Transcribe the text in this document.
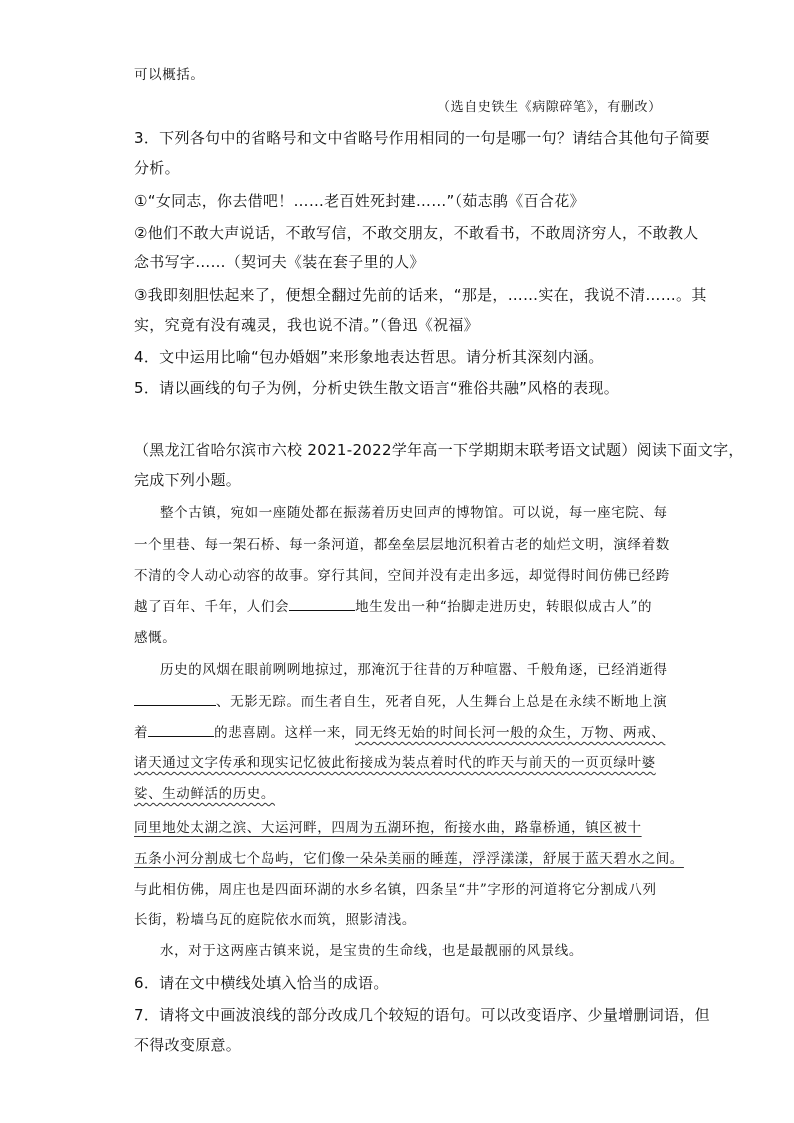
可以概括。
（选自史铁生《病隙碎笔》，有删改）
3．下列各句中的省略号和文中省略号作用相同的一句是哪一句？请结合其他句子简要
分析。
①“女同志，你去借吧！……老百姓死封建……”（茹志鹃《百合花》
②他们不敢大声说话，不敢写信，不敢交朋友，不敢看书，不敢周济穷人，不敢教人
念书写字……（契诃夫《装在套子里的人》
③我即刻胆怯起来了，便想全翻过先前的话来，“那是，……实在，我说不清……。其
实，究竟有没有魂灵，我也说不清。”（鲁迅《祝福》
4．文中运用比喻“包办婚姻”来形象地表达哲思。请分析其深刻内涵。
5．请以画线的句子为例，分析史铁生散文语言“雅俗共融”风格的表现。
（黑龙江省哈尔滨市六校 2021-2022学年高一下学期期末联考语文试题）阅读下面文字，
完成下列小题。
整个古镇，宛如一座随处都在振荡着历史回声的博物馆。可以说，每一座宅院、每
一个里巷、每一架石桥、每一条河道，都垒垒层层地沉积着古老的灿烂文明，演绎着数
不清的令人动心动容的故事。穿行其间，空间并没有走出多远，却觉得时间仿佛已经跨
越了百年、千年，人们会	地生发出一种“抬脚走进历史，转眼似成古人”的
感慨。
历史的风烟在眼前咧咧地掠过，那淹沉于往昔的万种喧嚣、千般角逐，已经消逝得
、无影无踪。而生者自生，死者自死，人生舞台上总是在永续不断地上演
着	的悲喜剧。这样一来，同无终无始的时间长河一般的众生，万物、两戒、
诸天通过文字传承和现实记忆彼此衔接成为装点着时代的昨天与前天的一页页绿叶婆
娑、生动鲜活的历史。
同里地处太湖之滨、大运河畔，四周为五湖环抱，衔接水曲，路靠桥通，镇区被十
五条小河分割成七个岛屿，它们像一朵朵美丽的睡莲，浮浮漾漾，舒展于蓝天碧水之间。
与此相仿佛，周庄也是四面环湖的水乡名镇，四条呈“井”字形的河道将它分割成八列
长街，粉墙乌瓦的庭院依水而筑，照影清浅。
水，对于这两座古镇来说，是宝贵的生命线，也是最靓丽的风景线。
6．请在文中横线处填入恰当的成语。
7．请将文中画波浪线的部分改成几个较短的语句。可以改变语序、少量增删词语，但
不得改变原意。
